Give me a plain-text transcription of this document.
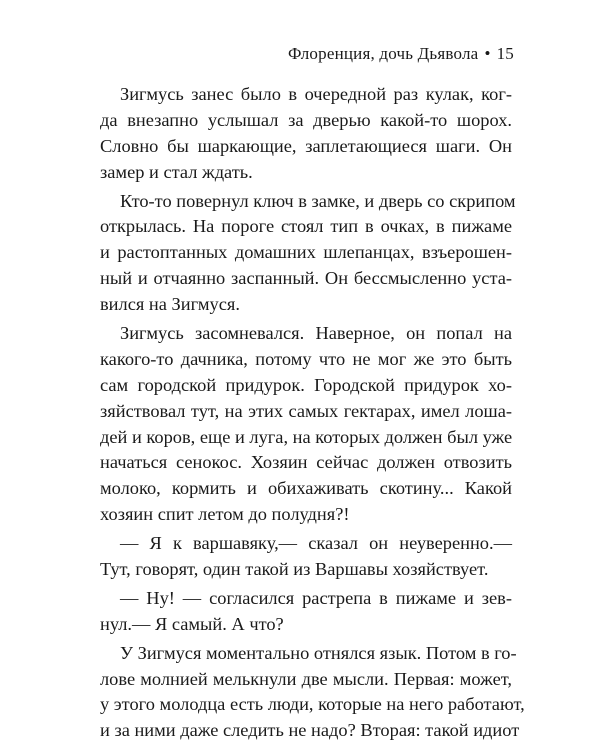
Флоренция, дочь Дьявола • 15
Зигмусь занес было в очередной раз кулак, ког-
да внезапно услышал за дверью какой-то шорох.
Словно бы шаркающие, заплетающиеся шаги. Он
замер и стал ждать.
Кто-то повернул ключ в замке, и дверь со скрипом
открылась. На пороге стоял тип в очках, в пижаме
и растоптанных домашних шлепанцах, взъерошен-
ный и отчаянно заспанный. Он бессмысленно уста-
вился на Зигмуся.
Зигмусь засомневался. Наверное, он попал на
какого-то дачника, потому что не мог же это быть
сам городской придурок. Городской придурок хо-
зяйствовал тут, на этих самых гектарах, имел лоша-
дей и коров, еще и луга, на которых должен был уже
начаться сенокос. Хозяин сейчас должен отвозить
молоко, кормить и обихаживать скотину... Какой
хозяин спит летом до полудня?!
— Я к варшавяку,— сказал он неуверенно.—
Тут, говорят, один такой из Варшавы хозяйствует.
— Ну! — согласился растрепа в пижаме и зев-
нул.— Я самый. А что?
У Зигмуся моментально отнялся язык. Потом в го-
лове молнией мелькнули две мысли. Первая: может,
у этого молодца есть люди, которые на него работают,
и за ними даже следить не надо? Вторая: такой идиот
